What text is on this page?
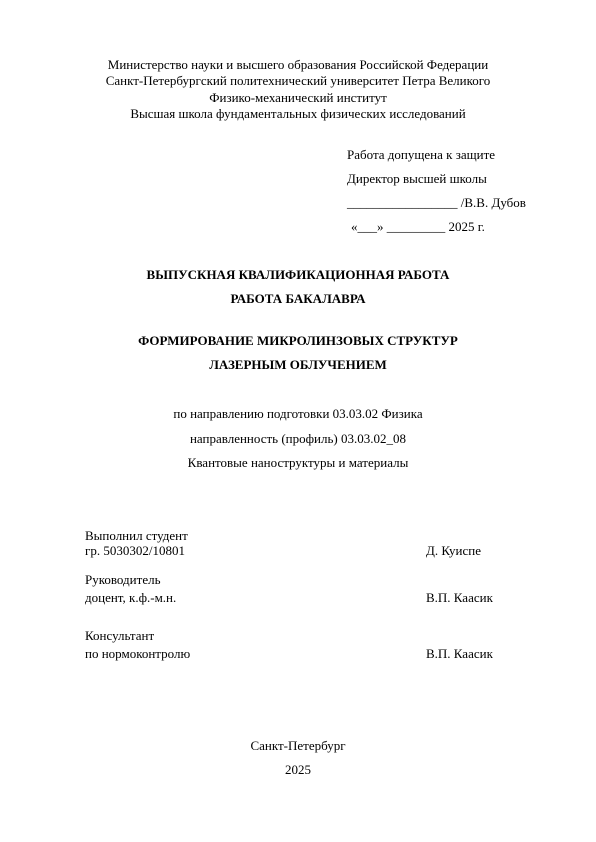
Министерство науки и высшего образования Российской Федерации
Санкт-Петербургский политехнический университет Петра Великого
Физико-механический институт
Высшая школа фундаментальных физических исследований
Работа допущена к защите
Директор высшей школы
_________________ /В.В. Дубов
«___» _________ 2025 г.
ВЫПУСКНАЯ КВАЛИФИКАЦИОННАЯ РАБОТА
РАБОТА БАКАЛАВРА
ФОРМИРОВАНИЕ МИКРОЛИНЗОВЫХ СТРУКТУР
ЛАЗЕРНЫМ ОБЛУЧЕНИЕМ
по направлению подготовки 03.03.02 Физика
направленность (профиль) 03.03.02_08
Квантовые наноструктуры и материалы
Выполнил студент
гр. 5030302/10801	Д. Куиспе
Руководитель
доцент, к.ф.-м.н.	В.П. Каасик
Консультант
по нормоконтролю	В.П. Каасик
Санкт-Петербург
2025
